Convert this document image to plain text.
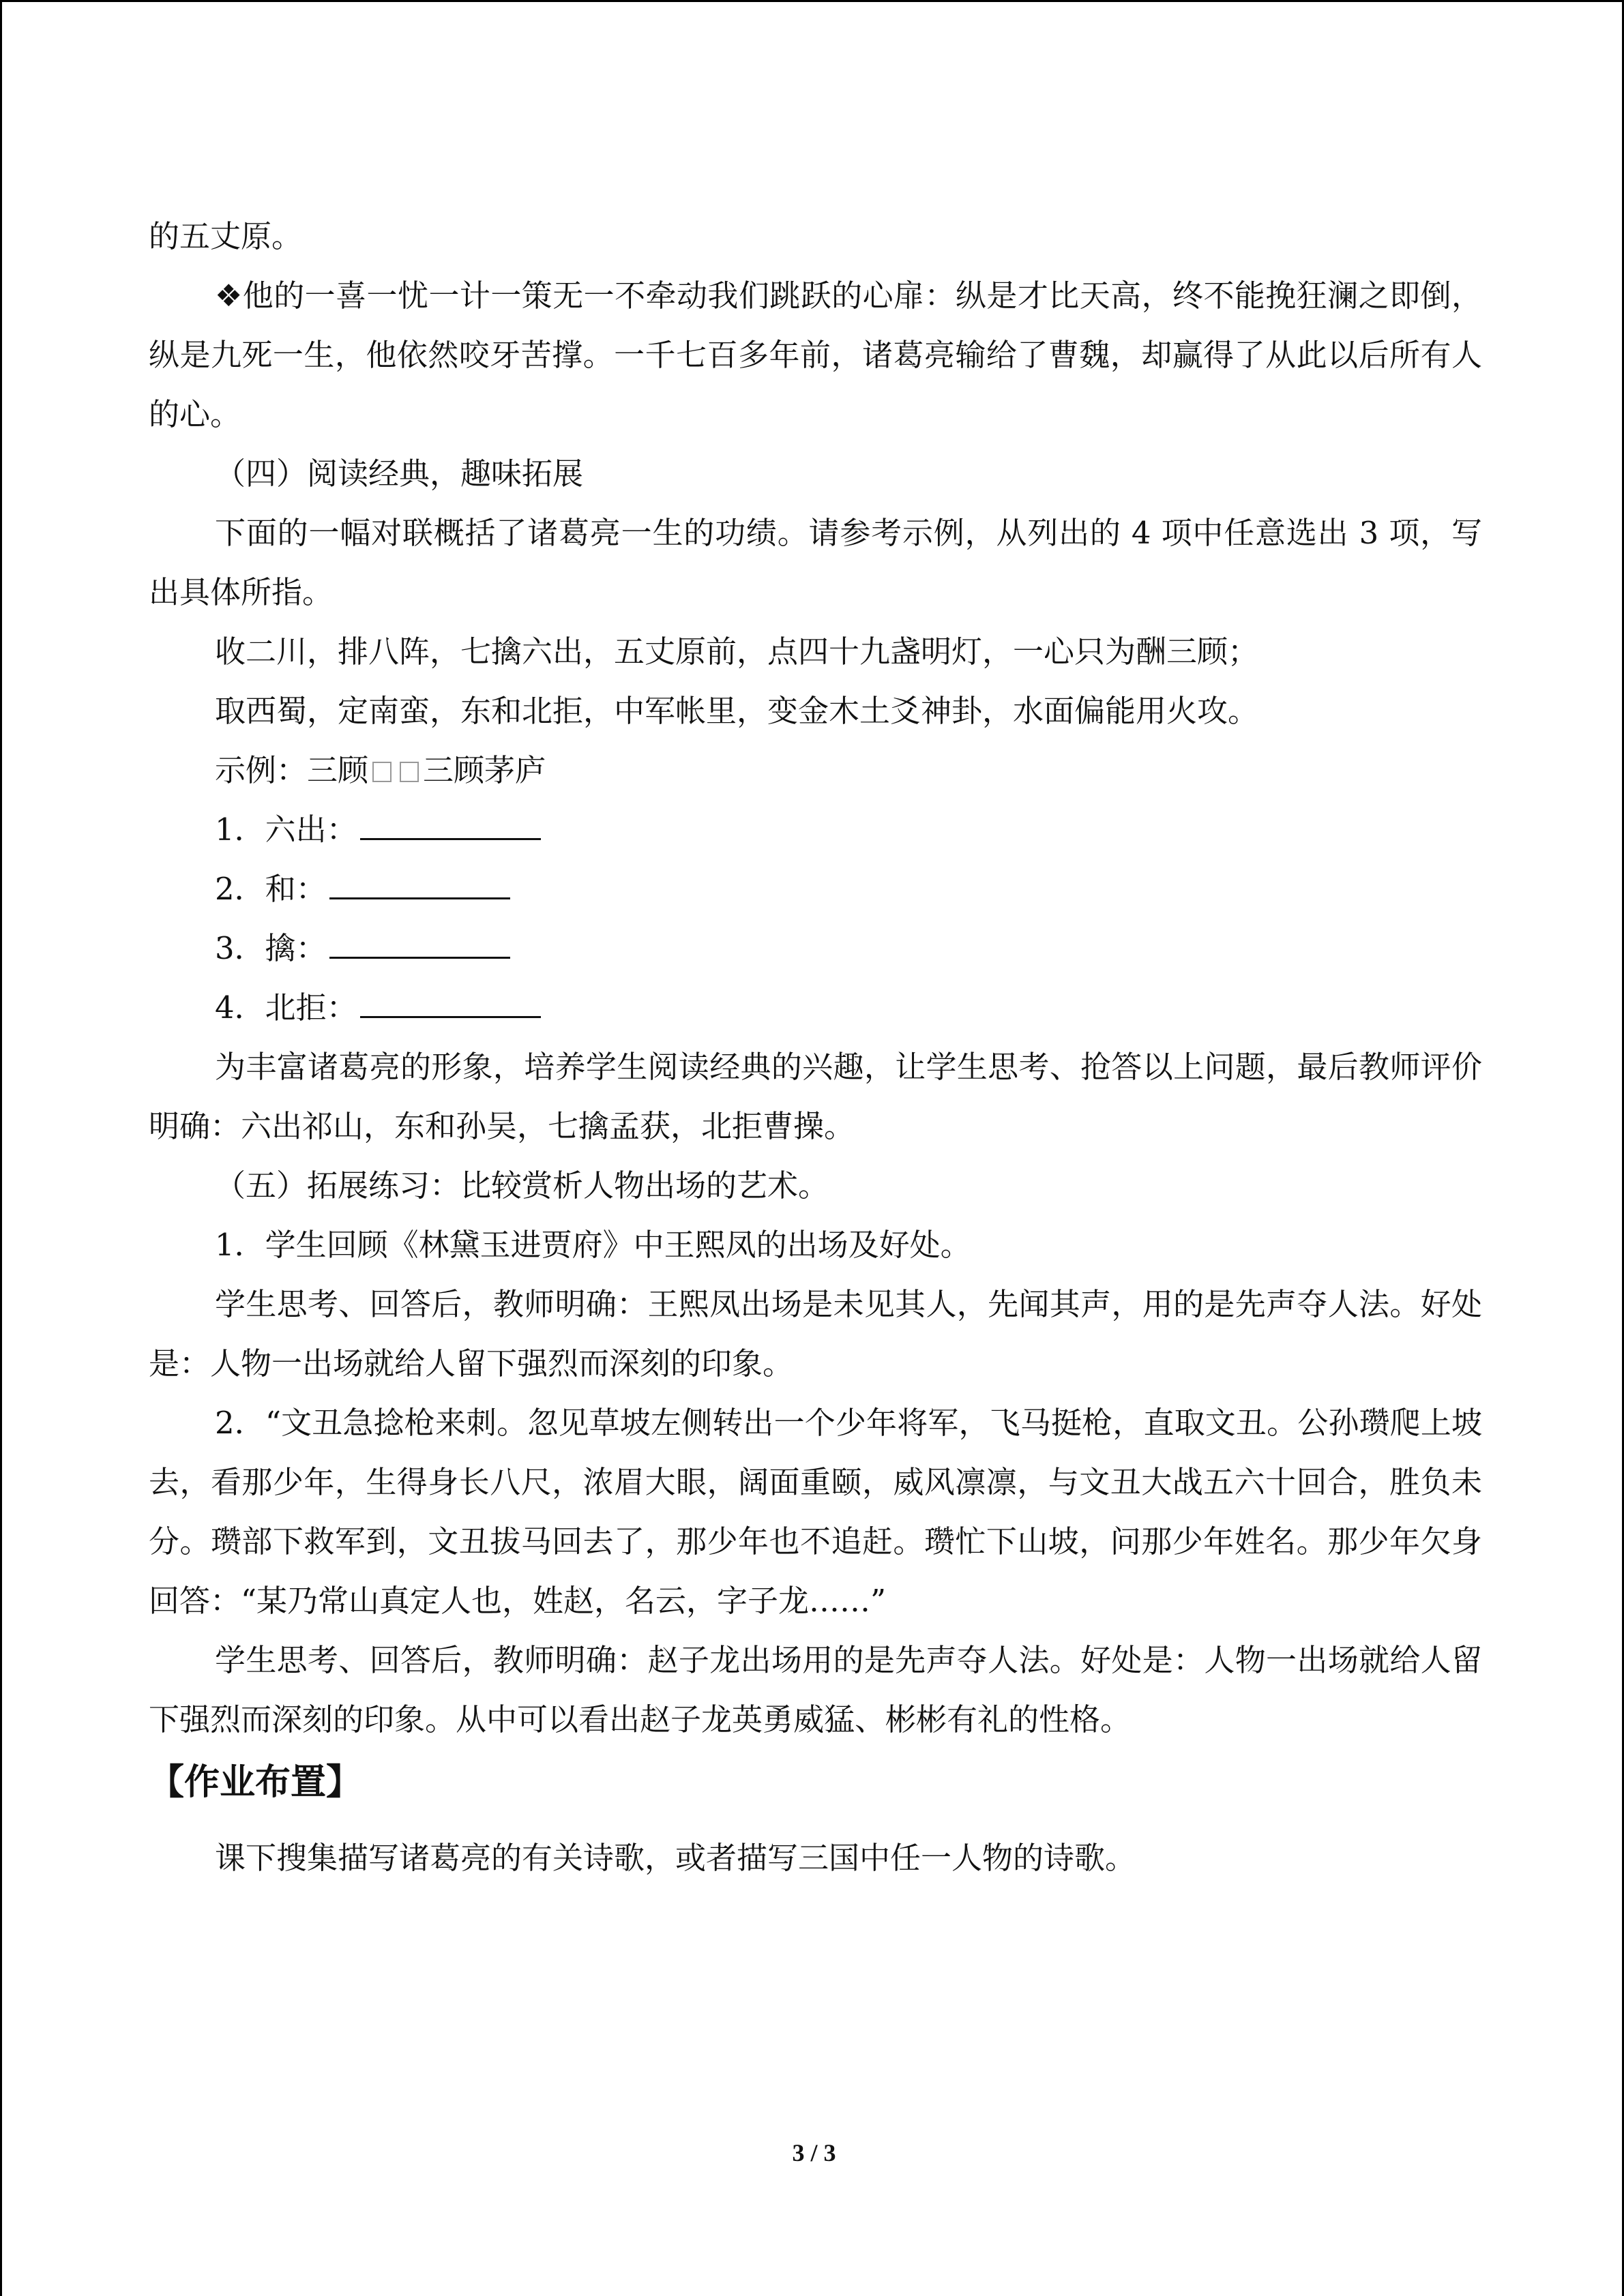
的五丈原。

❖他的一喜一忧一计一策无一不牵动我们跳跃的心扉：纵是才比天高，终不能挽狂澜之即倒，纵是九死一生，他依然咬牙苦撑。一千七百多年前，诸葛亮输给了曹魏，却赢得了从此以后所有人的心。

（四）阅读经典，趣味拓展

下面的一幅对联概括了诸葛亮一生的功绩。请参考示例，从列出的 4 项中任意选出 3 项，写出具体所指。

收二川，排八阵，七擒六出，五丈原前，点四十九盏明灯，一心只为酬三顾；

取西蜀，定南蛮，东和北拒，中军帐里，变金木土爻神卦，水面偏能用火攻。

示例：三顾 三顾茅庐

1．六出：

2．和：

3．擒：

4．北拒：

为丰富诸葛亮的形象，培养学生阅读经典的兴趣，让学生思考、抢答以上问题，最后教师评价明确：六出祁山，东和孙吴，七擒孟获，北拒曹操。

（五）拓展练习：比较赏析人物出场的艺术。

1．学生回顾《林黛玉进贾府》中王熙凤的出场及好处。

学生思考、回答后，教师明确：王熙凤出场是未见其人，先闻其声，用的是先声夺人法。好处是：人物一出场就给人留下强烈而深刻的印象。

2．“文丑急捻枪来刺。忽见草坡左侧转出一个少年将军，飞马挺枪，直取文丑。公孙瓒爬上坡去，看那少年，生得身长八尺，浓眉大眼，阔面重颐，威风凛凛，与文丑大战五六十回合，胜负未分。瓒部下救军到，文丑拔马回去了，那少年也不追赶。瓒忙下山坡，问那少年姓名。那少年欠身回答：“某乃常山真定人也，姓赵，名云，字子龙……”

学生思考、回答后，教师明确：赵子龙出场用的是先声夺人法。好处是：人物一出场就给人留下强烈而深刻的印象。从中可以看出赵子龙英勇威猛、彬彬有礼的性格。

【作业布置】

课下搜集描写诸葛亮的有关诗歌，或者描写三国中任一人物的诗歌。

3 / 3
